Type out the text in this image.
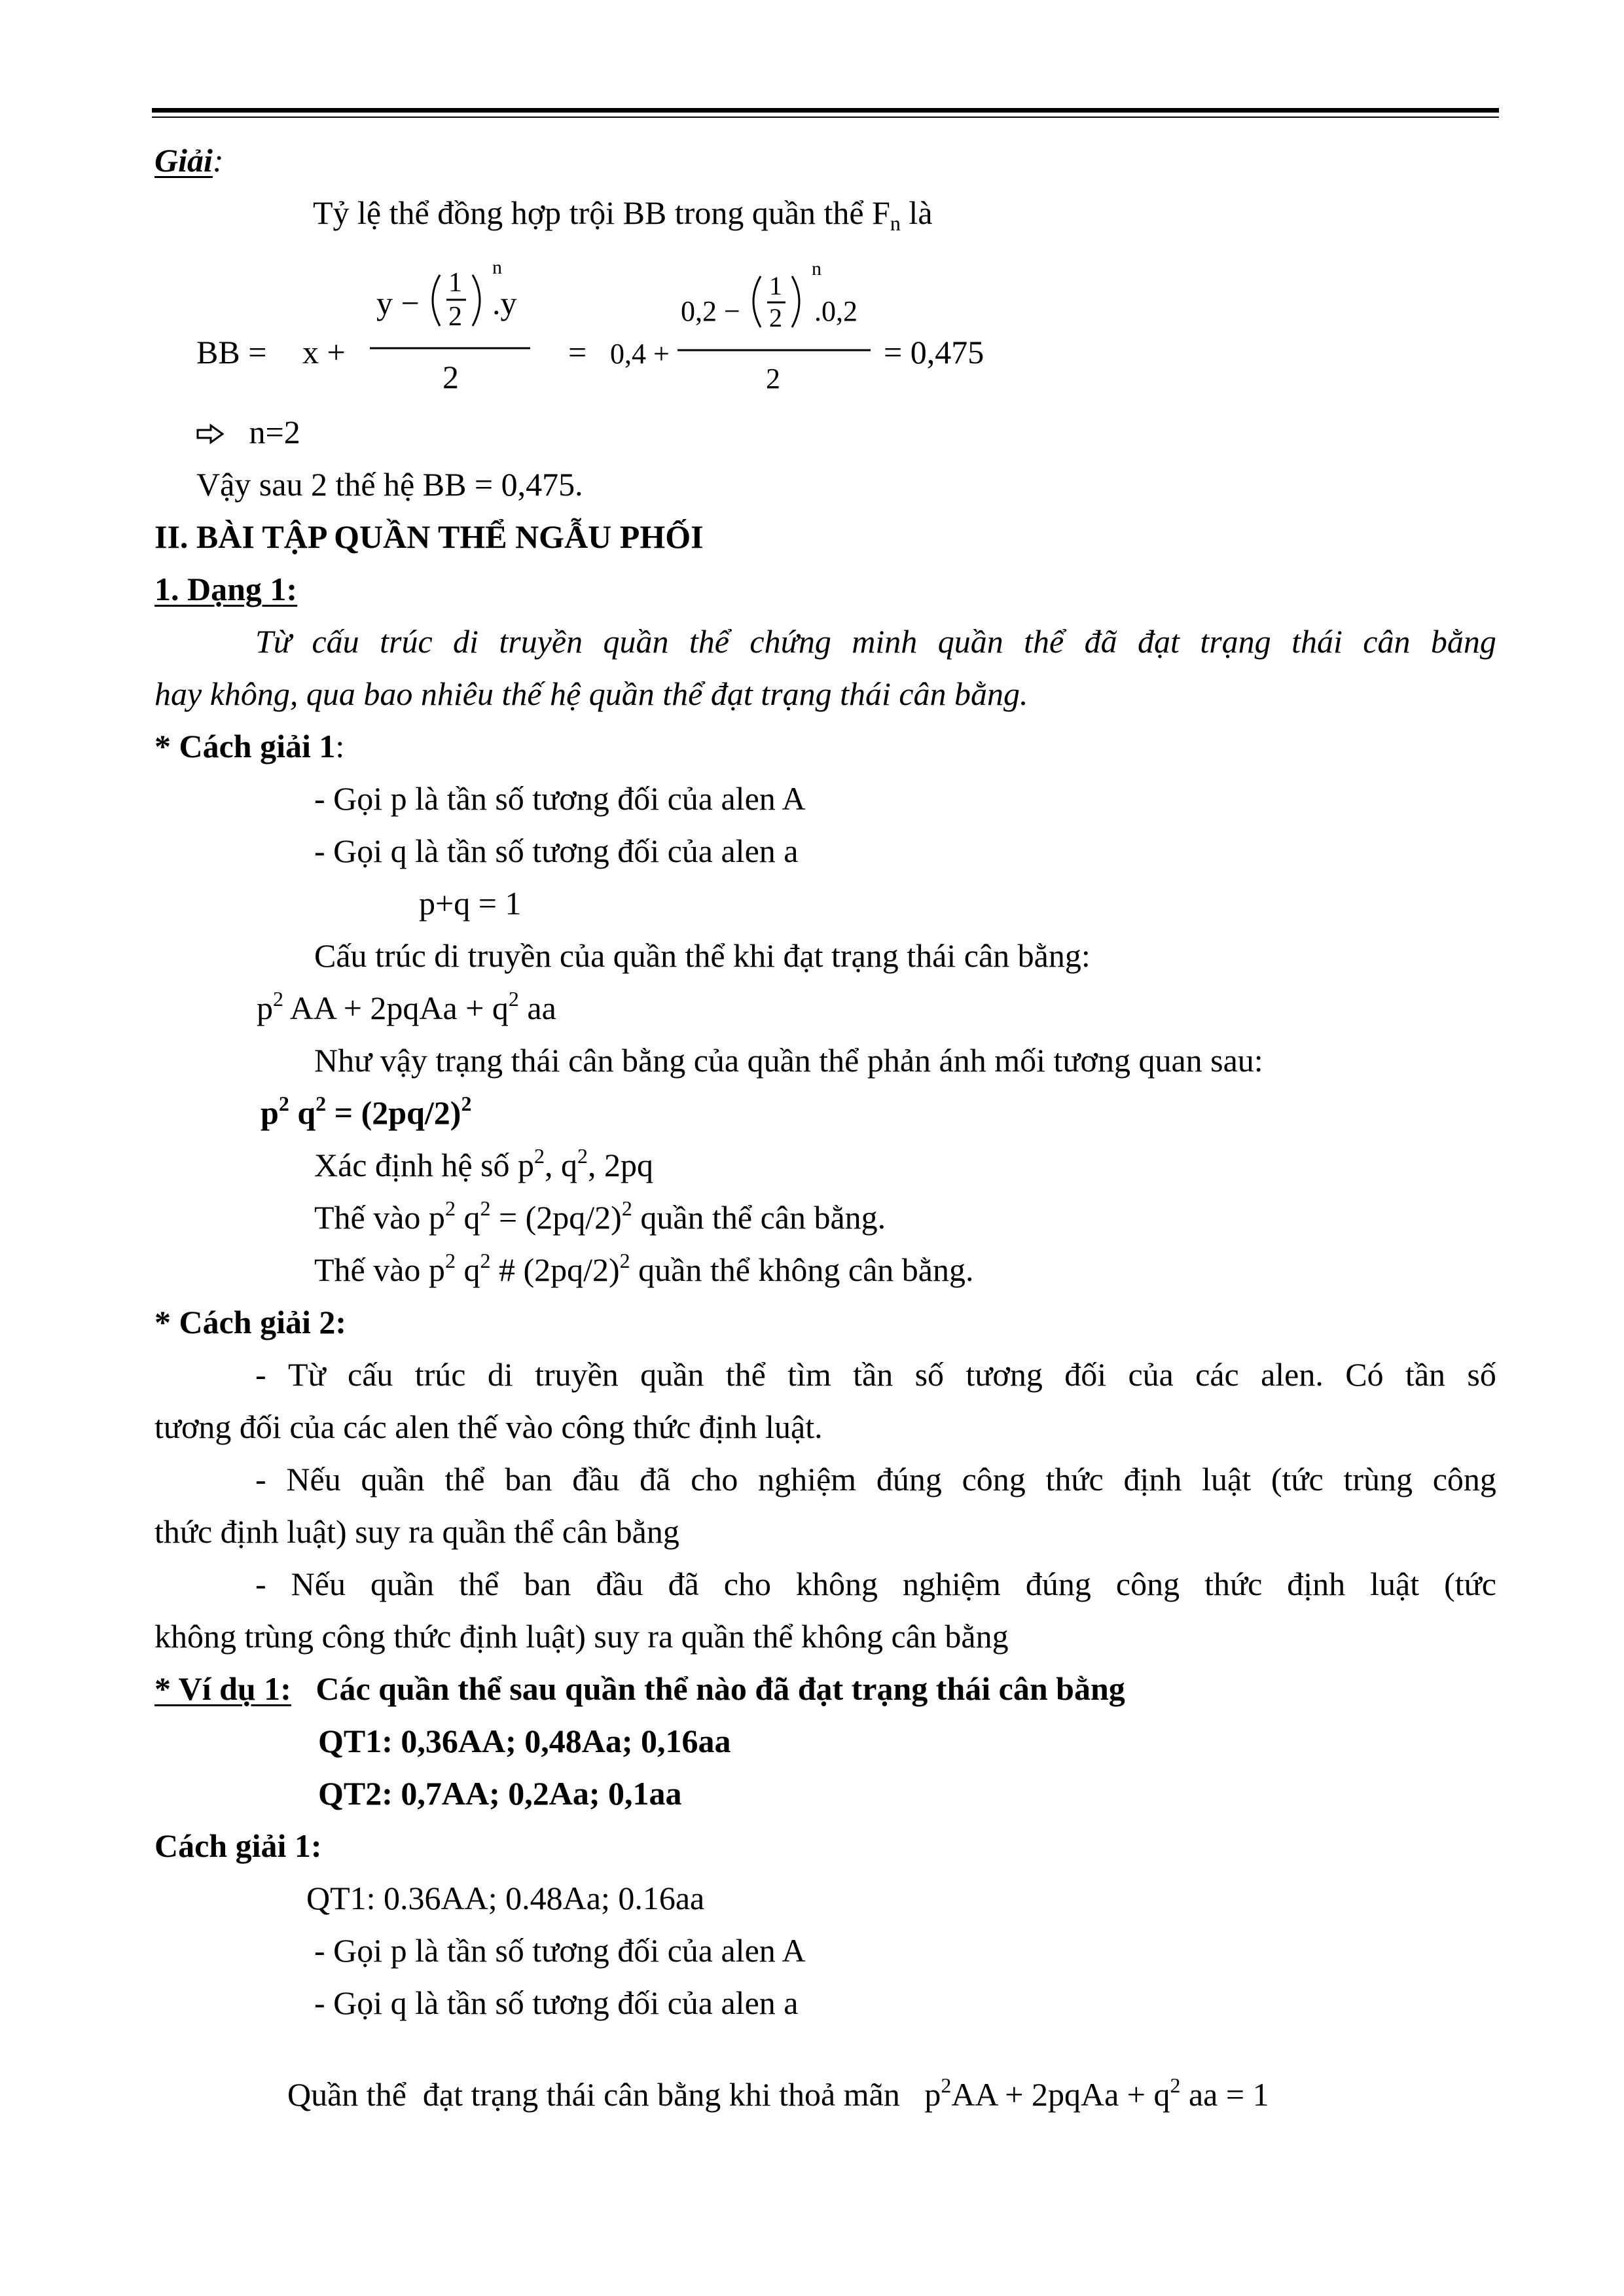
Giải:
Tỷ lệ thể đồng hợp trội BB trong quần thể $F_n$ là
BB = x +
y −
1
2
n
.y
2
= 0,4 +
0,2 −
1
2
n
.0,2
2
= 0,475
n=2
Vậy sau 2 thế hệ BB = 0,475.
II. BÀI TẬP QUẦN THỂ NGẪU PHỐI
1. Dạng 1:
Từ cấu trúc di truyền quần thể chứng minh quần thể đã đạt trạng thái cân bằng
hay không, qua bao nhiêu thế hệ quần thể đạt trạng thái cân bằng.
* Cách giải 1:
- Gọi p là tần số tương đối của alen A
- Gọi q là tần số tương đối của alen a
p+q = 1
Cấu trúc di truyền của quần thể khi đạt trạng thái cân bằng:
$p^2$ AA + 2pqAa + $q^2$ aa
Như vậy trạng thái cân bằng của quần thể phản ánh mối tương quan sau:
$p^2$ $q^2 = (2pq/2)^2$
Xác định hệ số $p^2$, $q^2$, 2pq
Thế vào $p^2$ $q^2 = (2pq/2)^2$ quần thể cân bằng.
Thế vào $p^2$ $q^2$ # $(2pq/2)^2$ quần thể không cân bằng.
* Cách giải 2:
- Từ cấu trúc di truyền quần thể tìm tần số tương đối của các alen. Có tần số
tương đối của các alen thế vào công thức định luật.
- Nếu quần thể ban đầu đã cho nghiệm đúng công thức định luật (tức trùng công
thức định luật) suy ra quần thể cân bằng
- Nếu quần thể ban đầu đã cho không nghiệm đúng công thức định luật (tức
không trùng công thức định luật) suy ra quần thể không cân bằng
* Ví dụ 1:   Các quần thể sau quần thể nào đã đạt trạng thái cân bằng
QT1: 0,36AA; 0,48Aa; 0,16aa
QT2: 0,7AA; 0,2Aa; 0,1aa
Cách giải 1:
QT1: 0.36AA; 0.48Aa; 0.16aa
- Gọi p là tần số tương đối của alen A
- Gọi q là tần số tương đối của alen a

Quần thể  đạt trạng thái cân bằng khi thoả mãn   $p^2AA$ + 2pqAa + $q^2$ aa = 1
